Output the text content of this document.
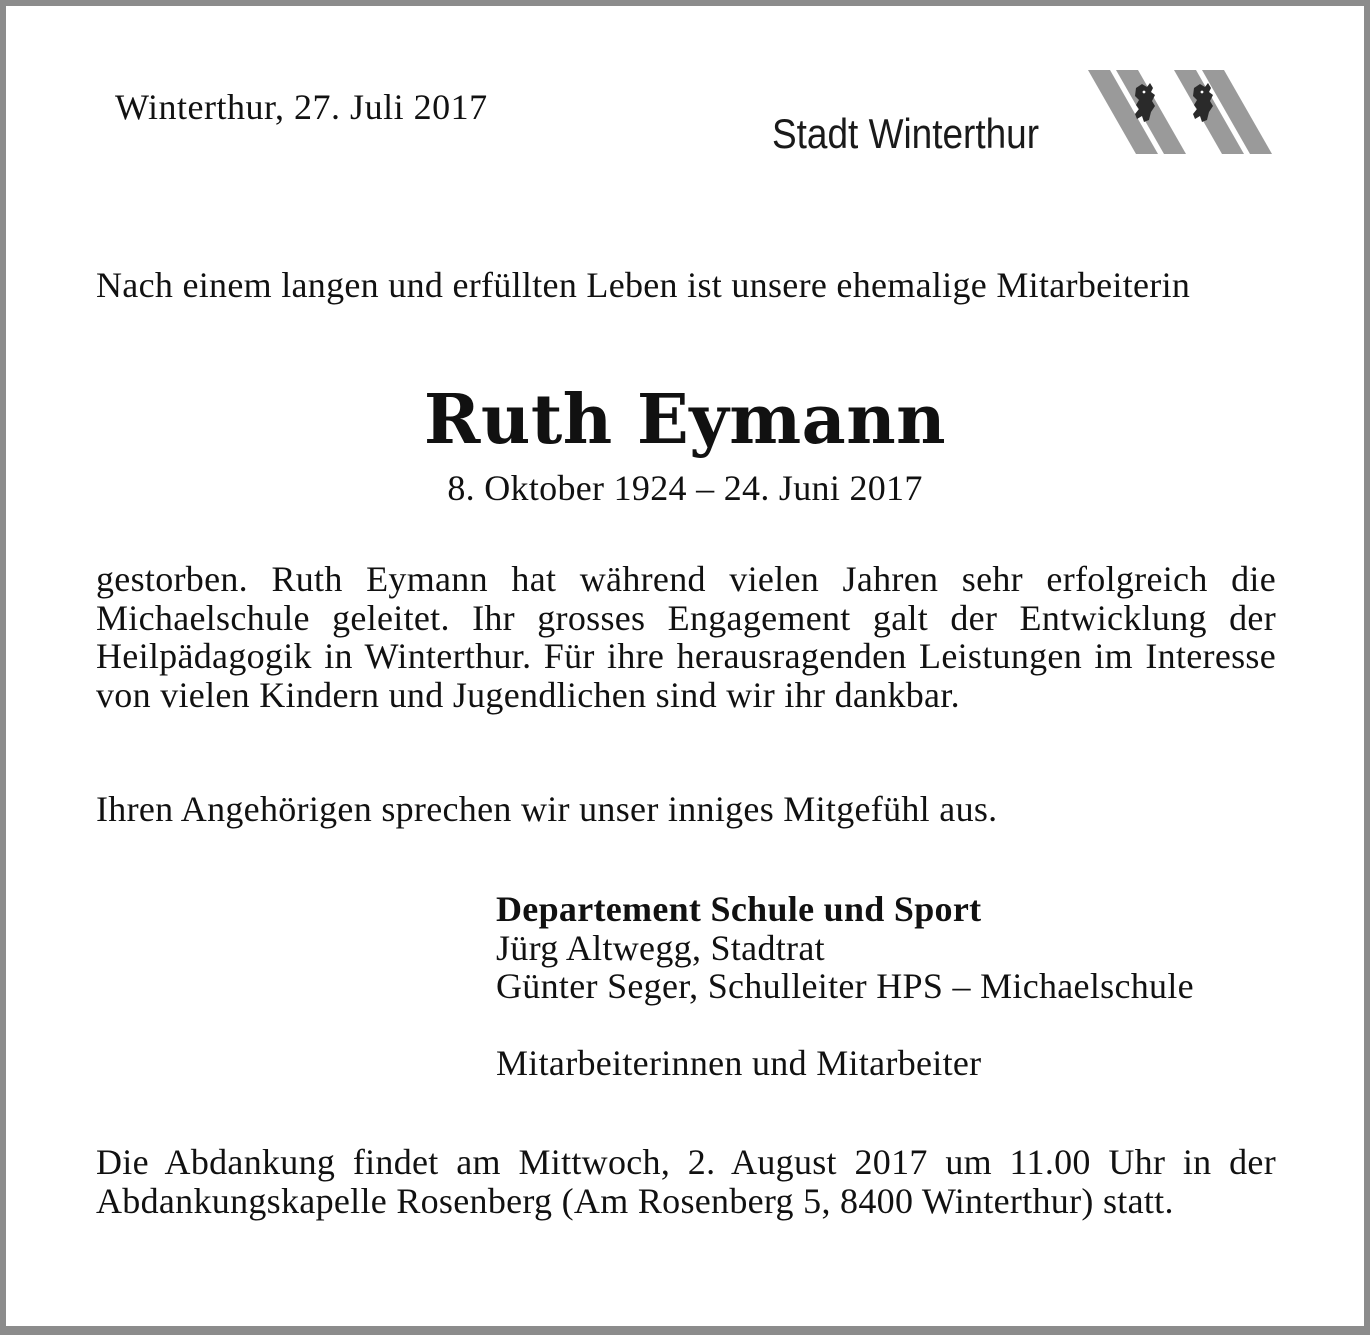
Winterthur, 27. Juli 2017
Stadt Winterthur
Nach einem langen und erfüllten Leben ist unsere ehemalige Mitarbeiterin
Ruth Eymann
8. Oktober 1924 – 24. Juni 2017
gestorben. Ruth Eymann hat während vielen Jahren sehr erfolgreich die Michaelschule geleitet. Ihr grosses Engagement galt der Entwicklung der Heilpädagogik in Winterthur. Für ihre herausragenden Leistungen im Interesse von vielen Kindern und Jugendlichen sind wir ihr dankbar.
Ihren Angehörigen sprechen wir unser inniges Mitgefühl aus.
Departement Schule und Sport
Jürg Altwegg, Stadtrat
Günter Seger, Schulleiter HPS – Michaelschule
Mitarbeiterinnen und Mitarbeiter
Die Abdankung findet am Mittwoch, 2. August 2017 um 11.00 Uhr in der Abdankungskapelle Rosenberg (Am Rosenberg 5, 8400 Winterthur) statt.
